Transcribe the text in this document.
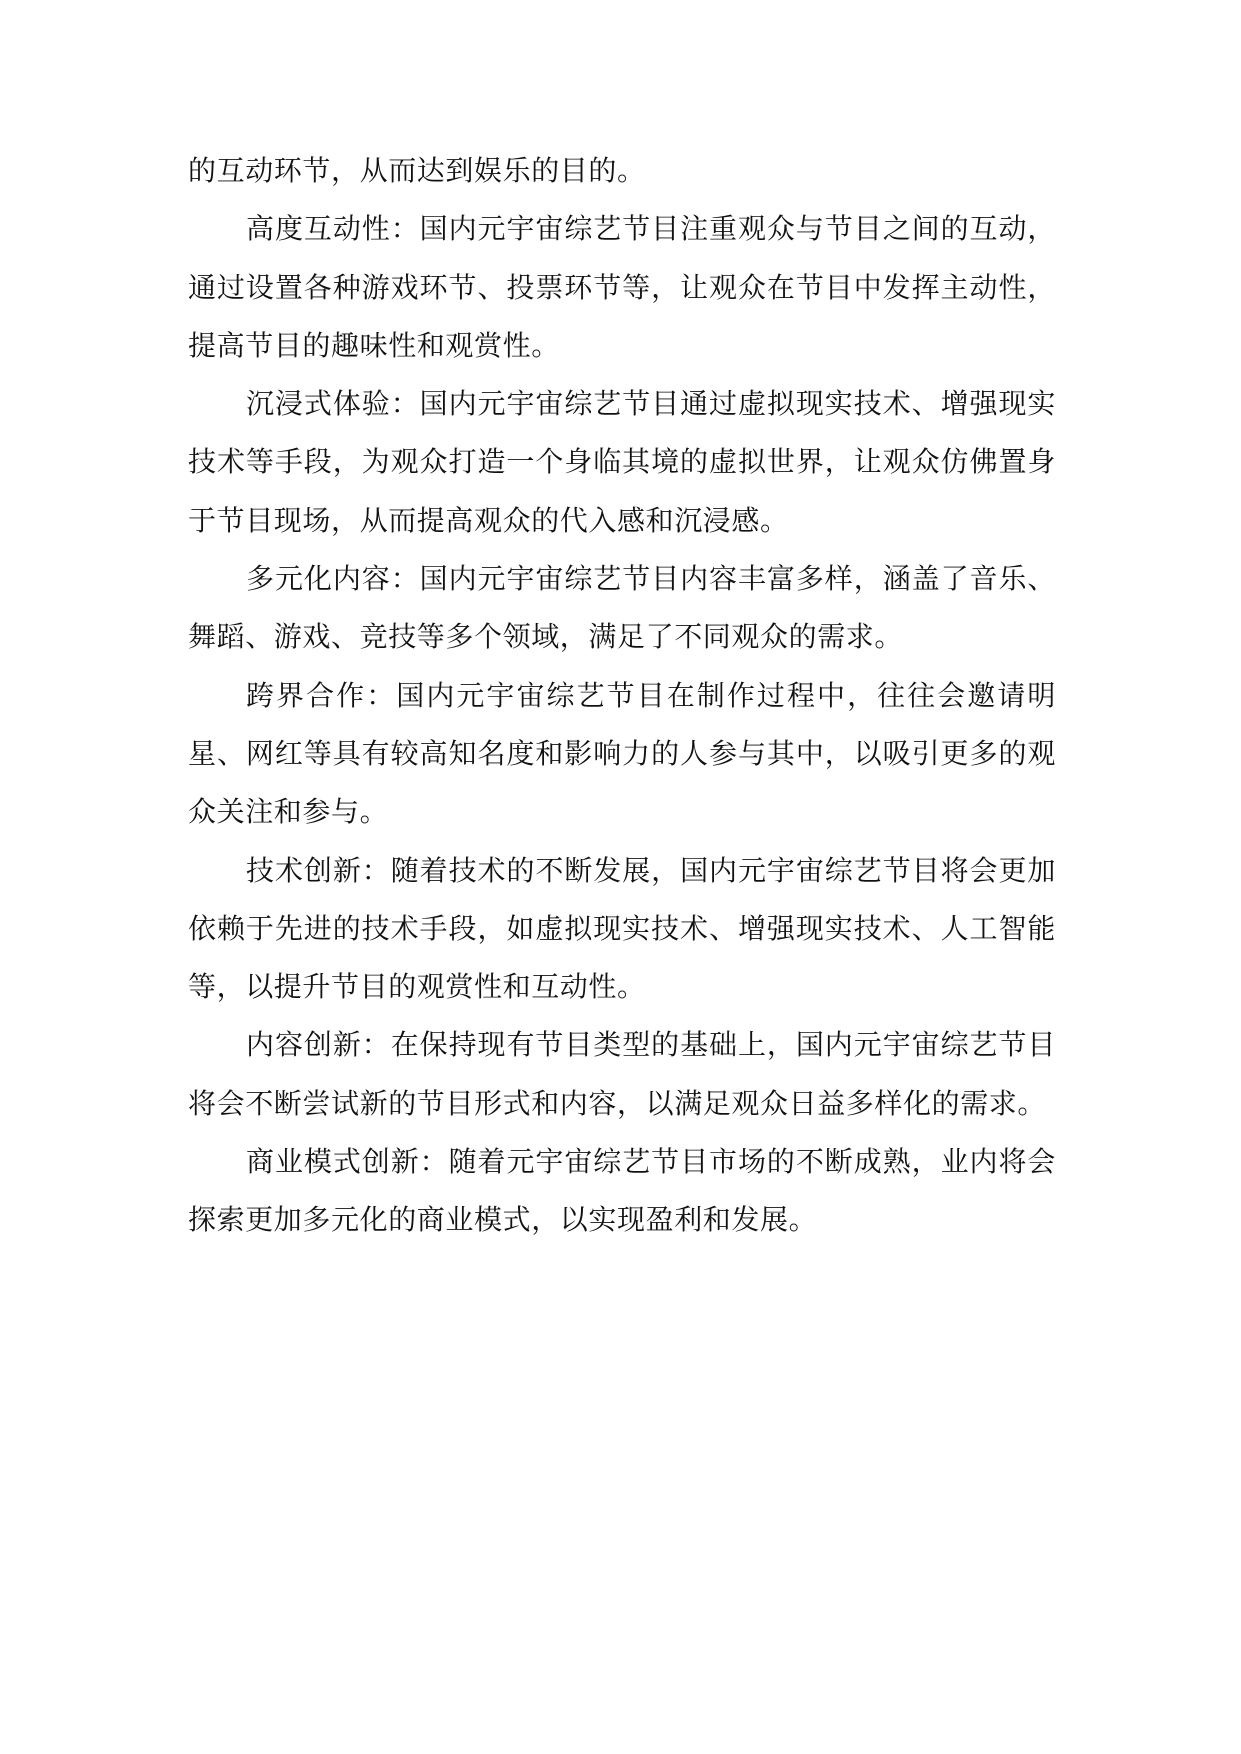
的互动环节，从而达到娱乐的目的。

高度互动性：国内元宇宙综艺节目注重观众与节目之间的互动，通过设置各种游戏环节、投票环节等，让观众在节目中发挥主动性，提高节目的趣味性和观赏性。

沉浸式体验：国内元宇宙综艺节目通过虚拟现实技术、增强现实技术等手段，为观众打造一个身临其境的虚拟世界，让观众仿佛置身于节目现场，从而提高观众的代入感和沉浸感。

多元化内容：国内元宇宙综艺节目内容丰富多样，涵盖了音乐、舞蹈、游戏、竞技等多个领域，满足了不同观众的需求。

跨界合作：国内元宇宙综艺节目在制作过程中，往往会邀请明星、网红等具有较高知名度和影响力的人参与其中，以吸引更多的观众关注和参与。

技术创新：随着技术的不断发展，国内元宇宙综艺节目将会更加依赖于先进的技术手段，如虚拟现实技术、增强现实技术、人工智能等，以提升节目的观赏性和互动性。

内容创新：在保持现有节目类型的基础上，国内元宇宙综艺节目将会不断尝试新的节目形式和内容，以满足观众日益多样化的需求。

商业模式创新：随着元宇宙综艺节目市场的不断成熟，业内将会探索更加多元化的商业模式，以实现盈利和发展。
